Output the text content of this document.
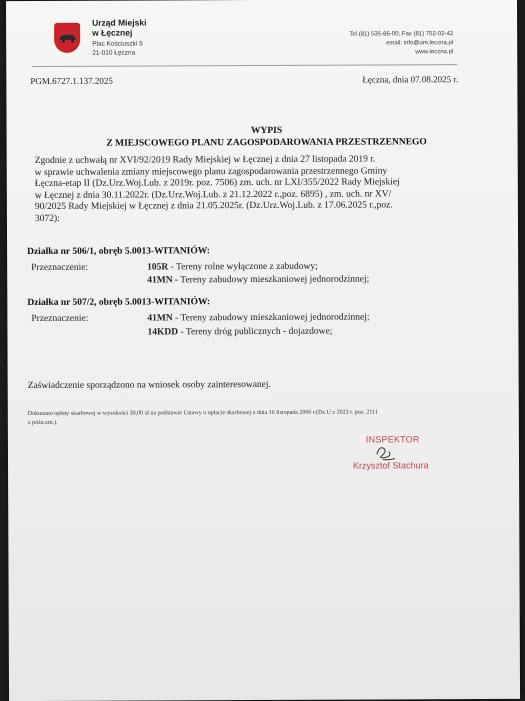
Urząd Miejski
w Łęcznej
Plac Kościuszki 5
21-010 Łęczna
Tel (81) 535-86-00; Fax (81) 752-02-42
email: info@um.leczna.pl
www.leczna.pl
PGM.6727.1.137.2025	Łęczna, dnia 07.08.2025 r.
WYPIS
Z MIEJSCOWEGO PLANU ZAGOSPODAROWANIA PRZESTRZENNEGO
Zgodnie z uchwałą nr XVI/92/2019 Rady Miejskiej w Łęcznej z dnia 27 listopada 2019 r.
w sprawie uchwalenia zmiany miejscowego planu zagospodarowania przestrzennego Gminy
Łęczna-etap II (Dz.Urz.Woj.Lub. z 2019r. poz. 7506) zm. uch. nr LXI/355/2022 Rady Miejskiej
w Łęcznej z dnia 30.11.2022r. (Dz.Urz.Woj.Lub. z 21.12.2022 r.,poz. 6895) , zm. uch. nr XV/
90/2025 Rady Miejskiej w Łęcznej z dnia 21.05.2025r. (Dz.Urz.Woj.Lub. z 17.06.2025 r.,poz.
3072):
Działka nr 506/1, obręb 5.0013-WITANIÓW:
Przeznaczenie:	105R - Tereny rolne wyłączone z zabudowy;
41MN - Tereny zabudowy mieszkaniowej jednorodzinnej;
Działka nr 507/2, obręb 5.0013-WITANIÓW:
Przeznaczenie:	41MN - Tereny zabudowy mieszkaniowej jednorodzinnej;
14KDD - Tereny dróg publicznych - dojazdowe;
Zaświadczenie sporządzono na wniosek osoby zainteresowanej.
Dokonano opłaty skarbowej w wysokości 30,00 zł na podstawie Ustawy o opłacie skarbowej z dnia 16 listopada 2006 r.(Dz.U z 2023 r. poz. 2111
z późn.zm.).
INSPEKTOR
Krzysztof Stachura
